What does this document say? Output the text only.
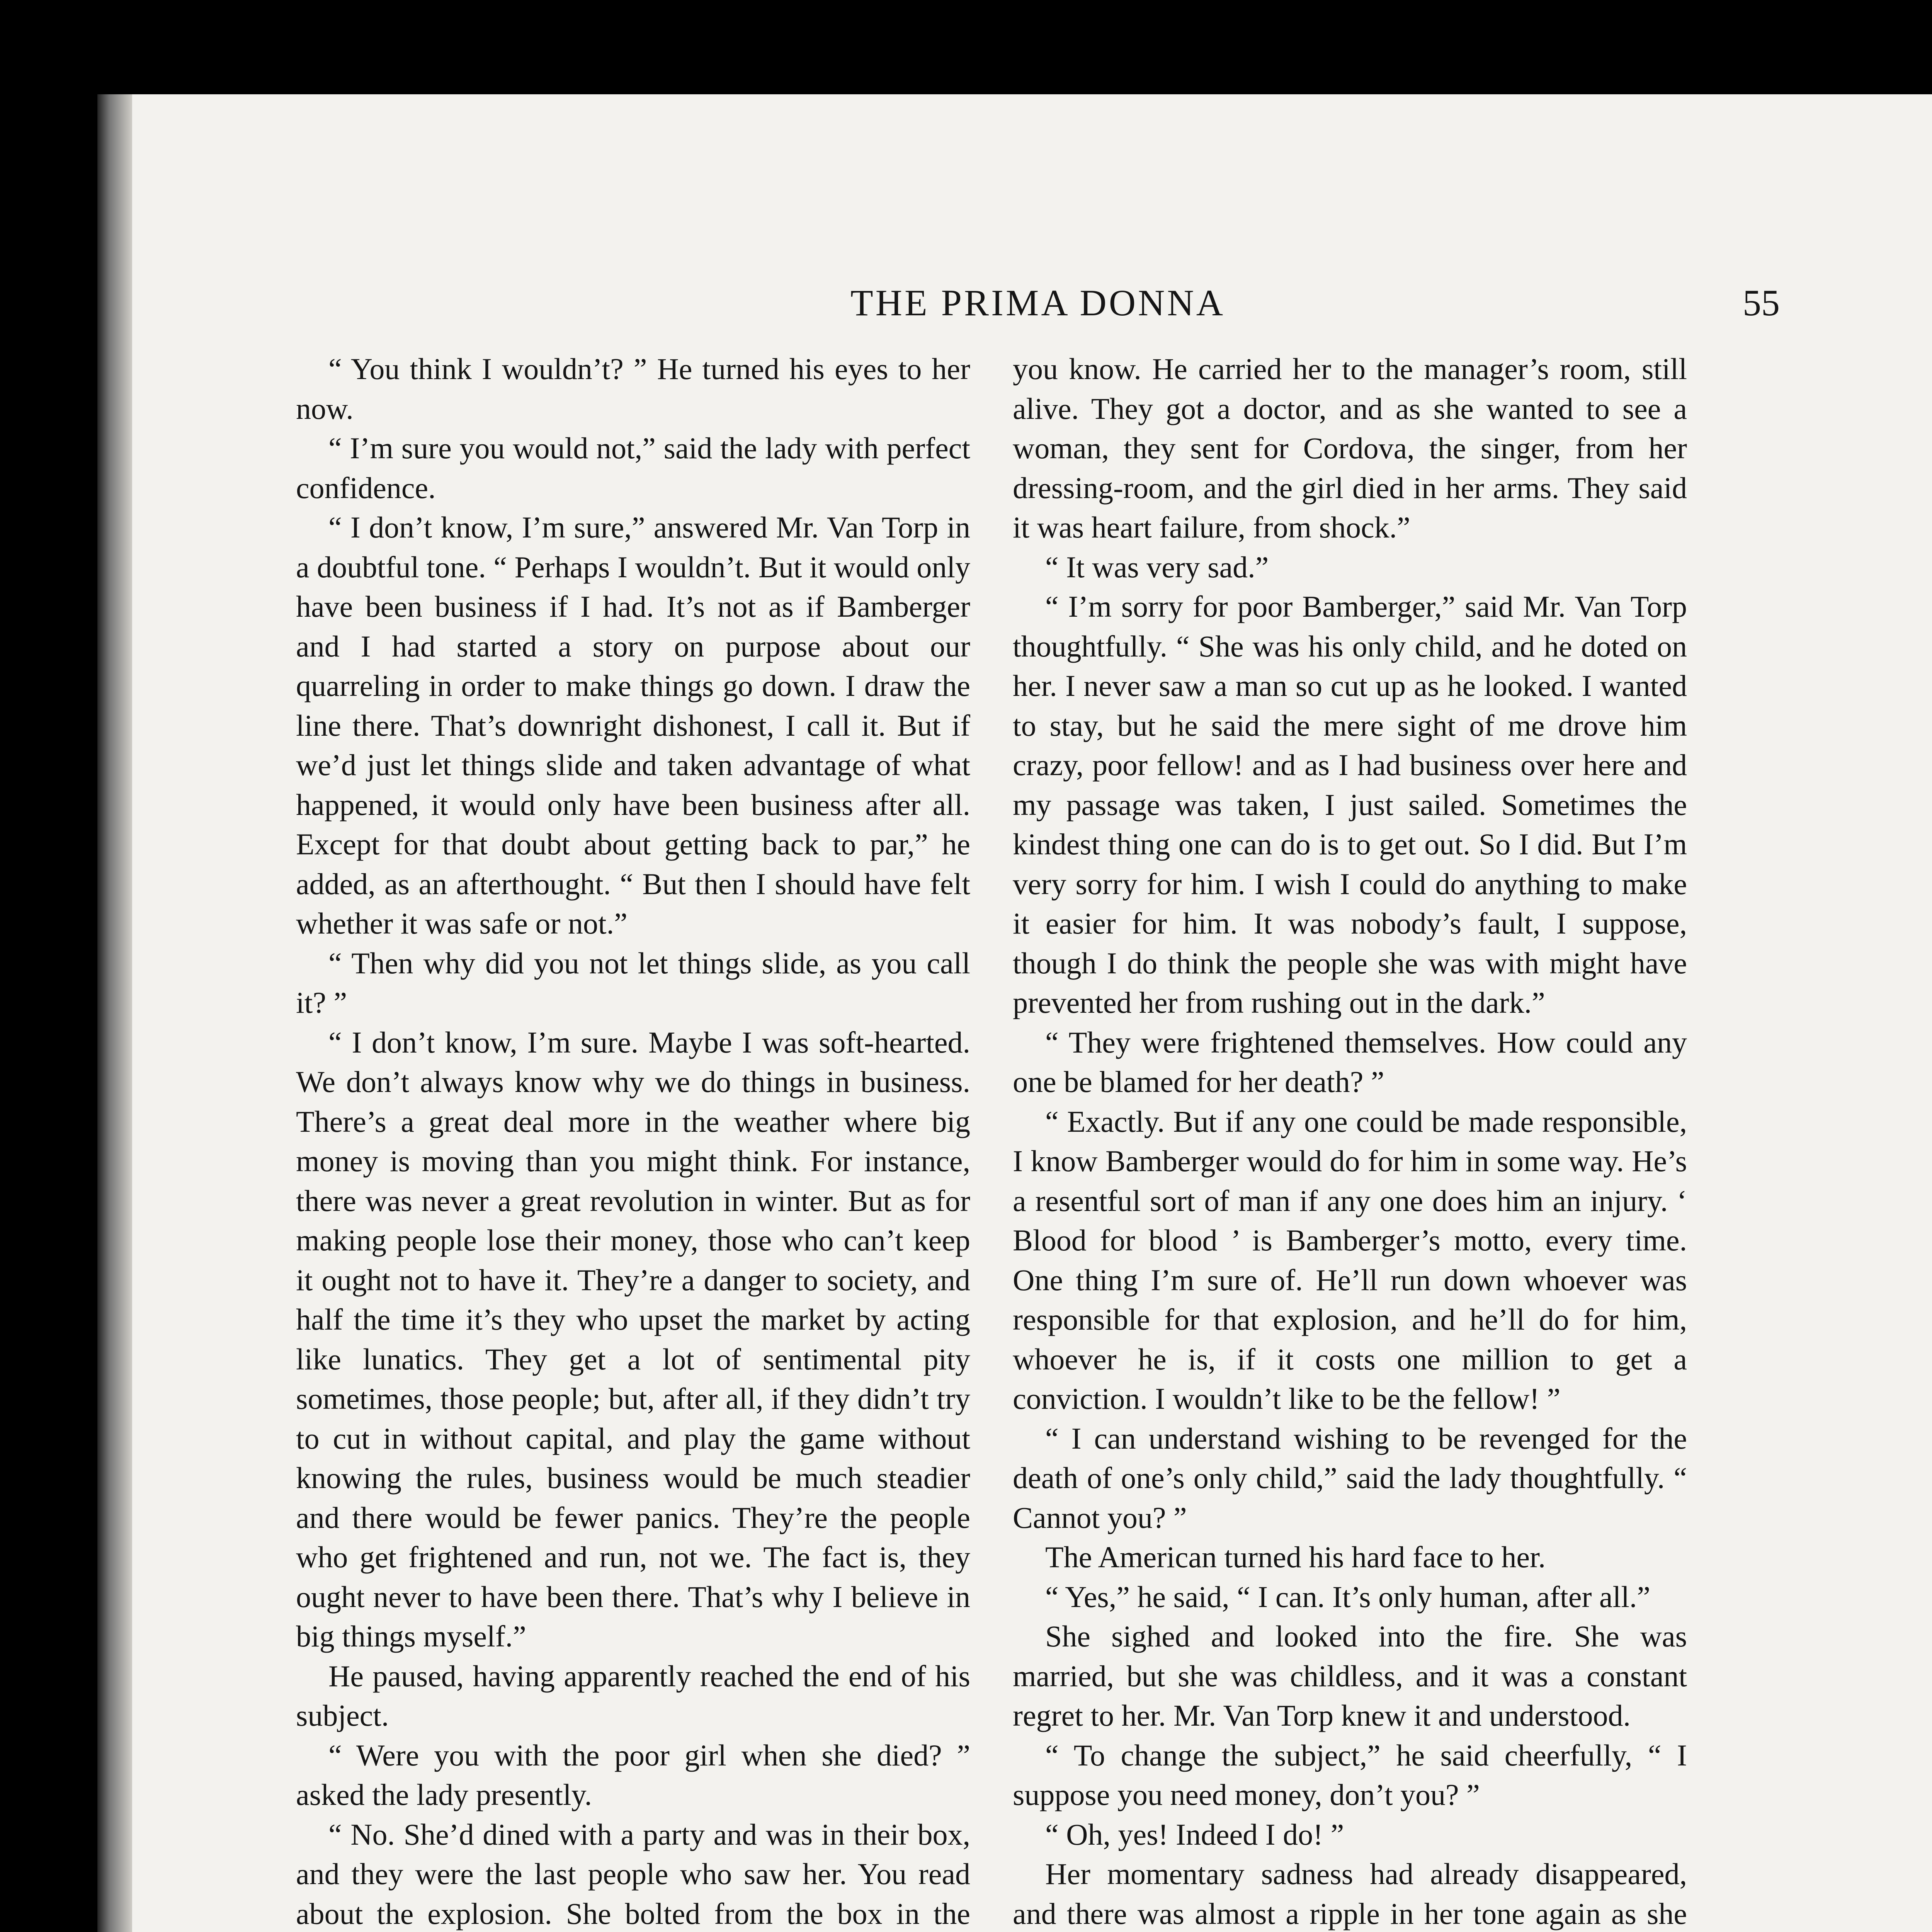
THE PRIMA DONNA	55

“ You think I wouldn’t? ” He turned his eyes to her now.

“ I’m sure you would not,” said the lady with perfect confidence.

“ I don’t know, I’m sure,” answered Mr. Van Torp in a doubtful tone. “ Perhaps I wouldn’t. But it would only have been business if I had. It’s not as if Bamberger and I had started a story on purpose about our quarreling in order to make things go down. I draw the line there. That’s downright dishonest, I call it. But if we’d just let things slide and taken advantage of what happened, it would only have been business after all. Except for that doubt about getting back to par,” he added, as an afterthought. “ But then I should have felt whether it was safe or not.”

“ Then why did you not let things slide, as you call it? ”

“ I don’t know, I’m sure. Maybe I was soft-hearted. We don’t always know why we do things in business. There’s a great deal more in the weather where big money is moving than you might think. For instance, there was never a great revolution in winter. But as for making people lose their money, those who can’t keep it ought not to have it. They’re a danger to society, and half the time it’s they who upset the market by acting like lunatics. They get a lot of sentimental pity sometimes, those people; but, after all, if they didn’t try to cut in without capital, and play the game without knowing the rules, business would be much steadier and there would be fewer panics. They’re the people who get frightened and run, not we. The fact is, they ought never to have been there. That’s why I believe in big things myself.”

He paused, having apparently reached the end of his subject.

“ Were you with the poor girl when she died? ” asked the lady presently.

“ No. She’d dined with a party and was in their box, and they were the last people who saw her. You read about the explosion. She bolted from the box in the

you know. He carried her to the manager’s room, still alive. They got a doctor, and as she wanted to see a woman, they sent for Cordova, the singer, from her dressing-room, and the girl died in her arms. They said it was heart failure, from shock.”

“ It was very sad.”

“ I’m sorry for poor Bamberger,” said Mr. Van Torp thoughtfully. “ She was his only child, and he doted on her. I never saw a man so cut up as he looked. I wanted to stay, but he said the mere sight of me drove him crazy, poor fellow! and as I had business over here and my passage was taken, I just sailed. Sometimes the kindest thing one can do is to get out. So I did. But I’m very sorry for him. I wish I could do anything to make it easier for him. It was nobody’s fault, I suppose, though I do think the people she was with might have prevented her from rushing out in the dark.”

“ They were frightened themselves. How could any one be blamed for her death? ”

“ Exactly. But if any one could be made responsible, I know Bamberger would do for him in some way. He’s a resentful sort of man if any one does him an injury. ‘ Blood for blood ’ is Bamberger’s motto, every time. One thing I’m sure of. He’ll run down whoever was responsible for that explosion, and he’ll do for him, whoever he is, if it costs one million to get a conviction. I wouldn’t like to be the fellow! ”

“ I can understand wishing to be revenged for the death of one’s only child,” said the lady thoughtfully. “ Cannot you? ”

The American turned his hard face to her.

“ Yes,” he said, “ I can. It’s only human, after all.”

She sighed and looked into the fire. She was married, but she was childless, and it was a constant regret to her. Mr. Van Torp knew it and understood.

“ To change the subject,” he said cheerfully, “ I suppose you need money, don’t you? ”

“ Oh, yes! Indeed I do! ”

Her momentary sadness had already disappeared, and there was almost a ripple in her tone again as she
